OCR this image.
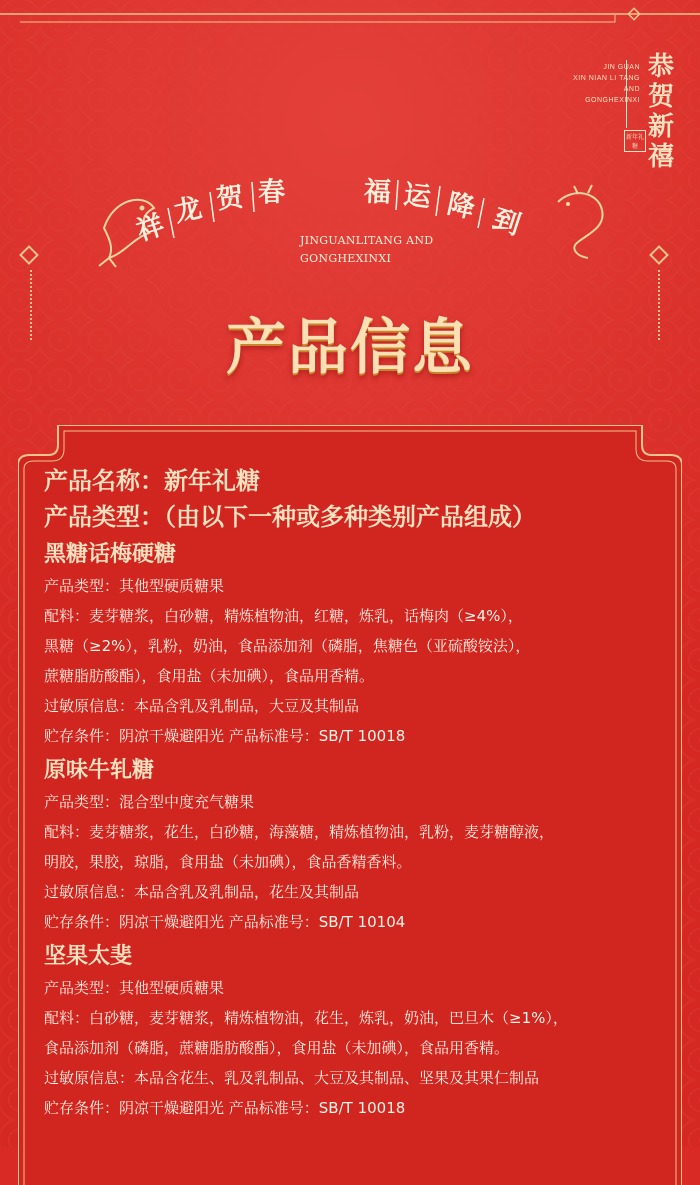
JIN GUAN
XIN NIAN LI TANG
AND
GONGHEXINXI
新年礼糖
恭贺新禧
祥 龙 贺 春	福 运 降 到
JINGUANLITANG AND
GONGHEXINXI
产品信息
产品名称：新年礼糖
产品类型：（由以下一种或多种类别产品组成）
黑糖话梅硬糖
产品类型：其他型硬质糖果
配料：麦芽糖浆，白砂糖，精炼植物油，红糖，炼乳，话梅肉（≥4%），
黑糖（≥2%），乳粉，奶油，食品添加剂（磷脂，焦糖色（亚硫酸铵法），
蔗糖脂肪酸酯），食用盐（未加碘），食品用香精。
过敏原信息：本品含乳及乳制品，大豆及其制品
贮存条件：阴凉干燥避阳光 产品标准号：SB/T 10018
原味牛轧糖
产品类型：混合型中度充气糖果
配料：麦芽糖浆，花生，白砂糖，海藻糖，精炼植物油，乳粉，麦芽糖醇液，
明胶，果胶，琼脂，食用盐（未加碘），食品香精香料。
过敏原信息：本品含乳及乳制品，花生及其制品
贮存条件：阴凉干燥避阳光 产品标准号：SB/T 10104
坚果太斐
产品类型：其他型硬质糖果
配料：白砂糖，麦芽糖浆，精炼植物油，花生，炼乳，奶油，巴旦木（≥1%），
食品添加剂（磷脂，蔗糖脂肪酸酯），食用盐（未加碘），食品用香精。
过敏原信息：本品含花生、乳及乳制品、大豆及其制品、坚果及其果仁制品
贮存条件：阴凉干燥避阳光 产品标准号：SB/T 10018
